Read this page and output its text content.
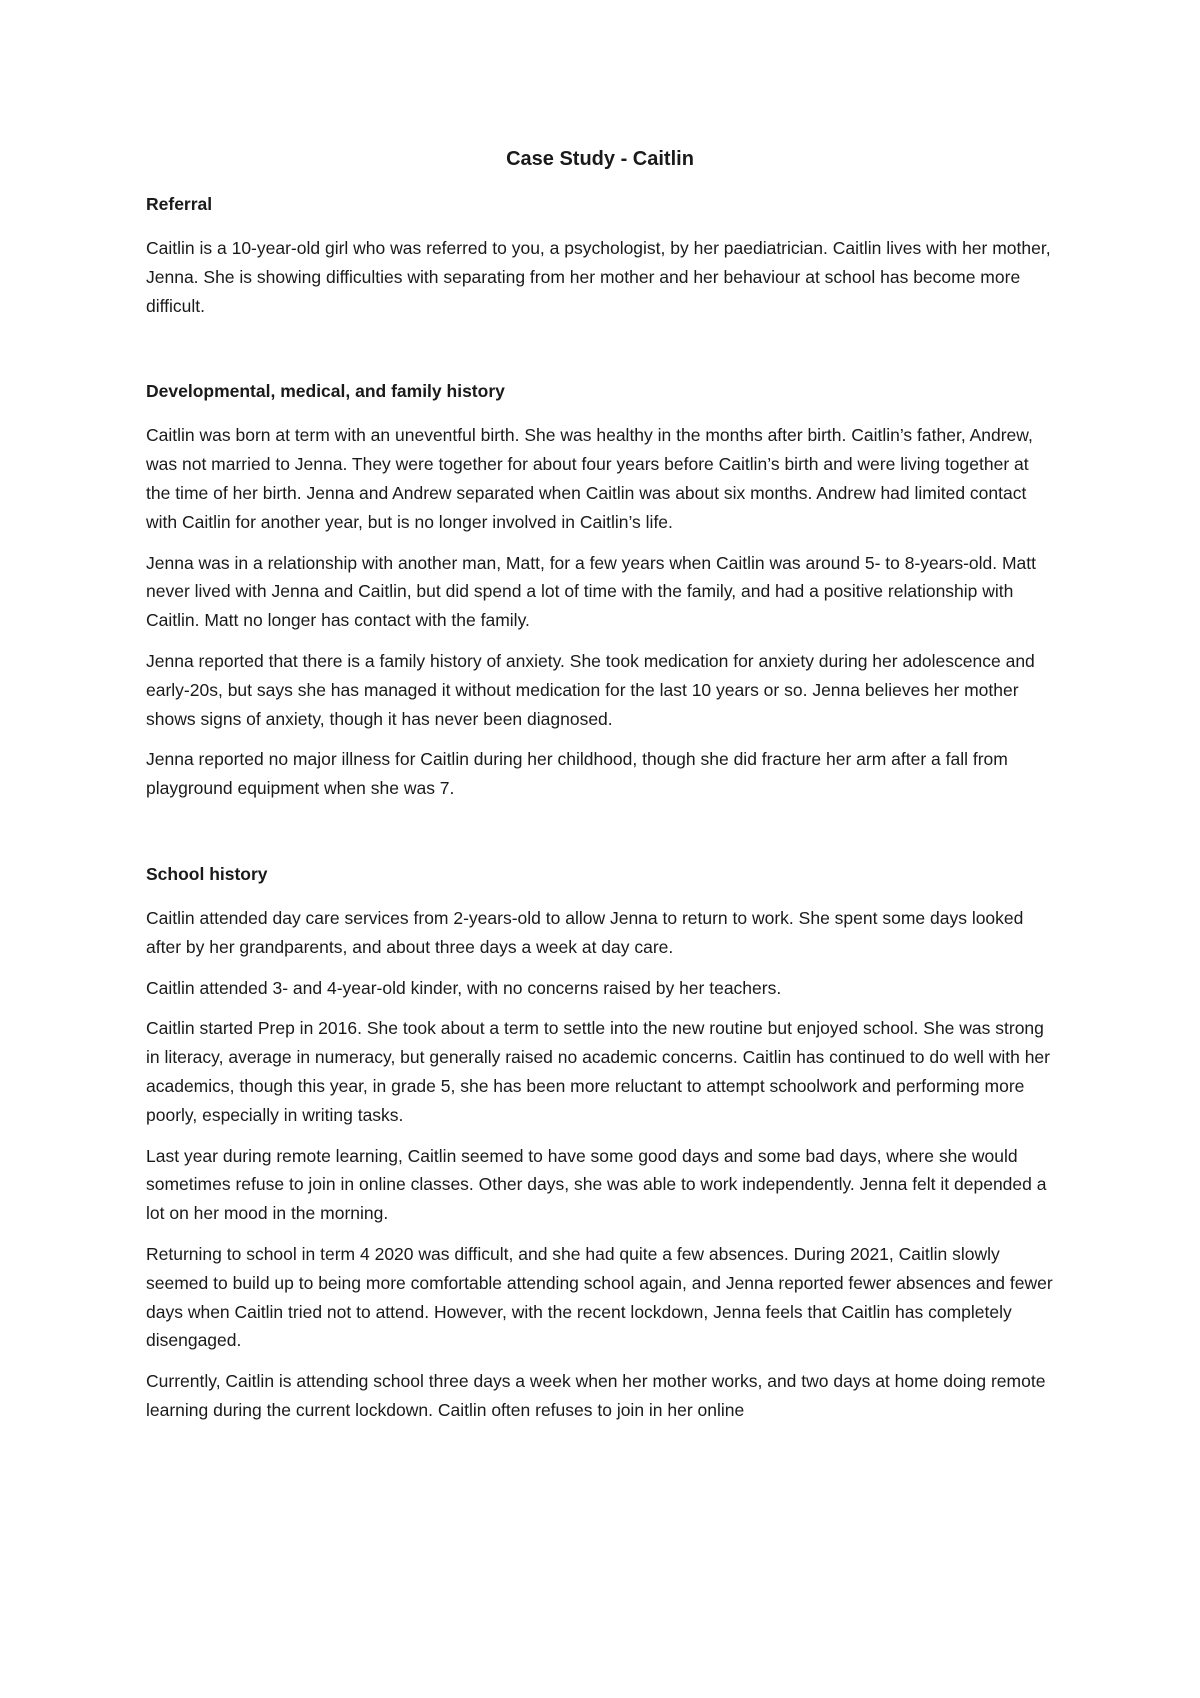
Case Study - Caitlin
Referral

Caitlin is a 10-year-old girl who was referred to you, a psychologist, by her paediatrician. Caitlin lives with her mother, Jenna. She is showing difficulties with separating from her mother and her behaviour at school has become more difficult.

Developmental, medical, and family history

Caitlin was born at term with an uneventful birth. She was healthy in the months after birth. Caitlin’s father, Andrew, was not married to Jenna. They were together for about four years before Caitlin’s birth and were living together at the time of her birth. Jenna and Andrew separated when Caitlin was about six months. Andrew had limited contact with Caitlin for another year, but is no longer involved in Caitlin’s life.

Jenna was in a relationship with another man, Matt, for a few years when Caitlin was around 5- to 8-years-old. Matt never lived with Jenna and Caitlin, but did spend a lot of time with the family, and had a positive relationship with Caitlin. Matt no longer has contact with the family.

Jenna reported that there is a family history of anxiety. She took medication for anxiety during her adolescence and early-20s, but says she has managed it without medication for the last 10 years or so. Jenna believes her mother shows signs of anxiety, though it has never been diagnosed.

Jenna reported no major illness for Caitlin during her childhood, though she did fracture her arm after a fall from playground equipment when she was 7.

School history

Caitlin attended day care services from 2-years-old to allow Jenna to return to work. She spent some days looked after by her grandparents, and about three days a week at day care.

Caitlin attended 3- and 4-year-old kinder, with no concerns raised by her teachers.

Caitlin started Prep in 2016. She took about a term to settle into the new routine but enjoyed school. She was strong in literacy, average in numeracy, but generally raised no academic concerns. Caitlin has continued to do well with her academics, though this year, in grade 5, she has been more reluctant to attempt schoolwork and performing more poorly, especially in writing tasks.

Last year during remote learning, Caitlin seemed to have some good days and some bad days, where she would sometimes refuse to join in online classes. Other days, she was able to work independently. Jenna felt it depended a lot on her mood in the morning.

Returning to school in term 4 2020 was difficult, and she had quite a few absences. During 2021, Caitlin slowly seemed to build up to being more comfortable attending school again, and Jenna reported fewer absences and fewer days when Caitlin tried not to attend. However, with the recent lockdown, Jenna feels that Caitlin has completely disengaged.

Currently, Caitlin is attending school three days a week when her mother works, and two days at home doing remote learning during the current lockdown. Caitlin often refuses to join in her online
